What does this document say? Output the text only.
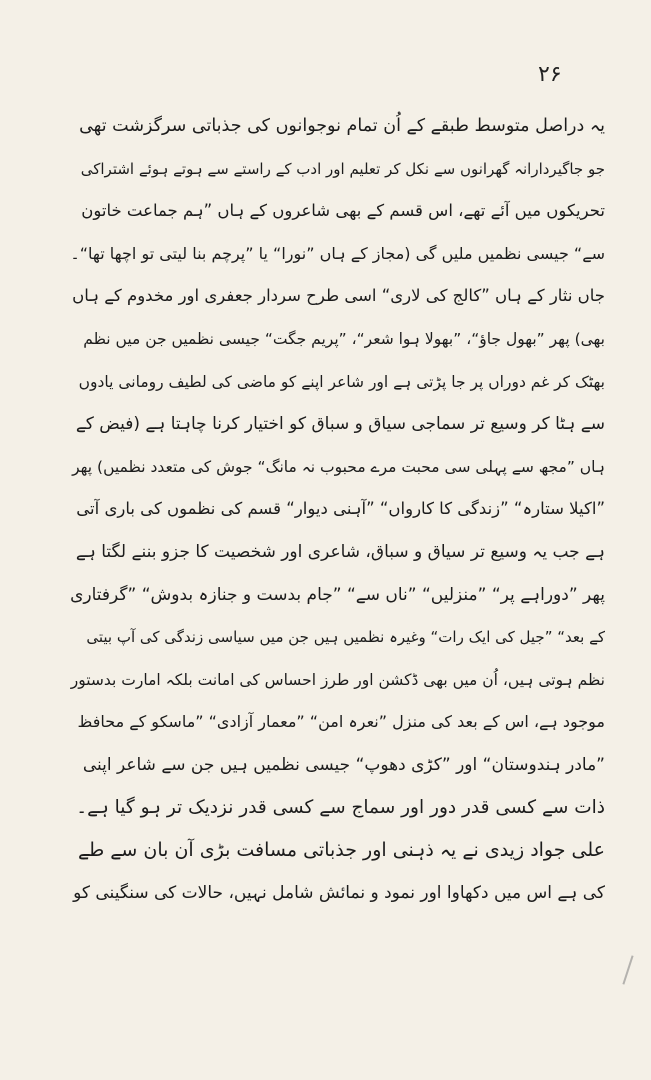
۲۶
یہ دراصل متوسط طبقے کے اُن تمام نوجوانوں کی جذباتی سرگزشت تھی
جو جاگیردارانہ گھرانوں سے نکل کر تعلیم اور ادب کے راستے سے ہوتے ہوئے اشتراکی
تحریکوں میں آئے تھے، اس قسم کے بھی شاعروں کے ہاں ”ہم جماعت خاتون
سے“ جیسی نظمیں ملیں گی (مجاز کے ہاں ”نورا“ یا ”پرچم بنا لیتی تو اچھا تھا“۔
جاں نثار کے ہاں ”کالج کی لاری“ اسی طرح سردار جعفری اور مخدوم کے ہاں
بھی) پھر ”بھول جاؤ“، ”بھولا ہوا شعر“، ”پریم جگت“ جیسی نظمیں جن میں نظم
بھٹک کر غم دوراں پر جا پڑتی ہے اور شاعر اپنے کو ماضی کی لطیف رومانی یادوں
سے ہٹا کر وسیع تر سماجی سیاق و سباق کو اختیار کرنا چاہتا ہے (فیض کے
ہاں ”مجھ سے پہلی سی محبت مرے محبوب نہ مانگ“ جوش کی متعدد نظمیں) پھر
”اکیلا ستارہ“ ”زندگی کا کارواں“ ”آہنی دیوار“ قسم کی نظموں کی باری آتی
ہے جب یہ وسیع تر سیاق و سباق، شاعری اور شخصیت کا جزو بننے لگتا ہے
پھر ”دوراہے پر“ ”منزلیں“ ”ناں سے“ ”جام بدست و جنازہ بدوش“ ”گرفتاری
کے بعد“ ”جیل کی ایک رات“ وغیرہ نظمیں ہیں جن میں سیاسی زندگی کی آپ بیتی
نظم ہوتی ہیں، اُن میں بھی ڈکشن اور طرز احساس کی امانت بلکہ امارت بدستور
موجود ہے، اس کے بعد کی منزل ”نعرہ امن“ ”معمار آزادی“ ”ماسکو کے محافظ
”مادر ہندوستان“ اور ”کڑی دھوپ“ جیسی نظمیں ہیں جن سے شاعر اپنی
ذات سے کسی قدر دور اور سماج سے کسی قدر نزدیک تر ہو گیا ہے۔
علی جواد زیدی نے یہ ذہنی اور جذباتی مسافت بڑی آن بان سے طے
کی ہے اس میں دکھاوا اور نمود و نمائش شامل نہیں، حالات کی سنگینی کو
